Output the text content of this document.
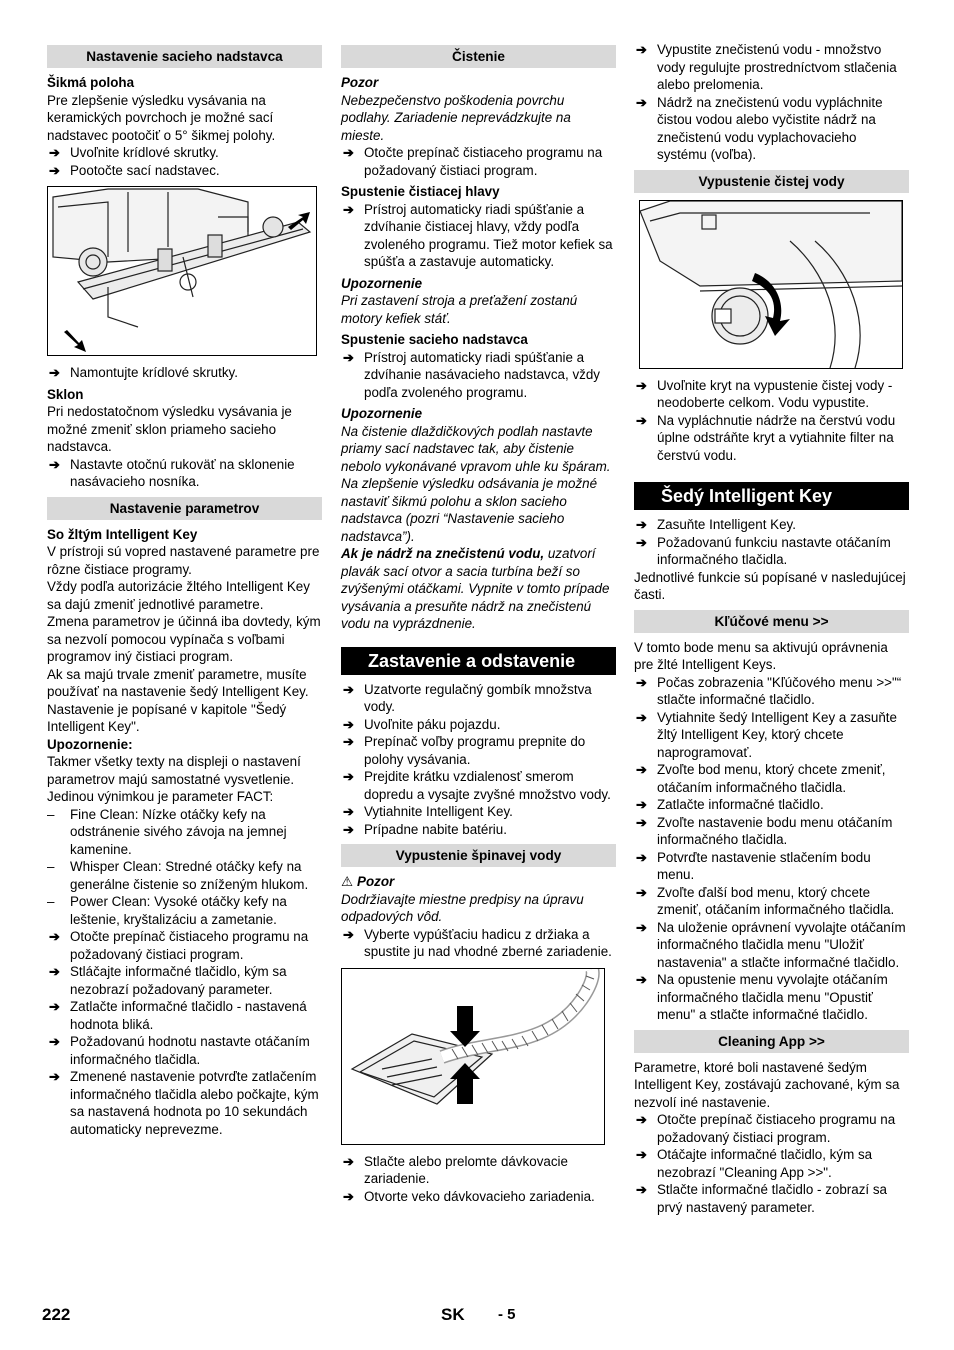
Nastavenie sacieho nadstavca
Šikmá poloha
Pre zlepšenie výsledku vysávania na keramických povrchoch je možné sací nadstavec pootočiť o 5° šikmej polohy.
➔ Uvoľnite krídlové skrutky.
➔ Pootočte sací nadstavec.
➔ Namontujte krídlové skrutky.
Sklon
Pri nedostatočnom výsledku vysávania je možné zmeniť sklon priameho sacieho nadstavca.
➔ Nastavte otočnú rukoväť na sklonenie nasávacieho nosníka.
Nastavenie parametrov
So žltým Intelligent Key
V prístroji sú vopred nastavené parametre pre rôzne čistiace programy.
Vždy podľa autorizácie žltého Intelligent Key sa dajú zmeniť jednotlivé parametre.
Zmena parametrov je účinná iba dovtedy, kým sa nezvolí pomocou vypínača s voľbami programov iný čistiaci program.
Ak sa majú trvale zmeniť parametre, musíte používať na nastavenie šedý Intelligent Key. Nastavenie je popísané v kapitole "Šedý Intelligent Key".
Upozornenie:
Takmer všetky texty na displeji o nastavení parametrov majú samostatné vysvetlenie. Jedinou výnimkou je parameter FACT:
– Fine Clean: Nízke otáčky kefy na odstránenie sivého závoja na jemnej kamenine.
– Whisper Clean: Stredné otáčky kefy na generálne čistenie so zníženým hlukom.
– Power Clean: Vysoké otáčky kefy na leštenie, kryštalizáciu a zametanie.
➔ Otočte prepínač čistiaceho programu na požadovaný čistiaci program.
➔ Stláčajte informačné tlačidlo, kým sa nezobrazí požadovaný parameter.
➔ Zatlačte informačné tlačidlo - nastavená hodnota bliká.
➔ Požadovanú hodnotu nastavte otáčaním informačného tlačidla.
➔ Zmenené nastavenie potvrďte zatlačením informačného tlačidla alebo počkajte, kým sa nastavená hodnota po 10 sekundách automaticky neprevezme.
Čistenie
Pozor
Nebezpečenstvo poškodenia povrchu podlahy. Zariadenie neprevádzkujte na mieste.
➔ Otočte prepínač čistiaceho programu na požadovaný čistiaci program.
Spustenie čistiacej hlavy
➔ Prístroj automaticky riadi spúšťanie a zdvíhanie čistiacej hlavy, vždy podľa zvoleného programu. Tiež motor kefiek sa spúšťa a zastavuje automaticky.
Upozornenie
Pri zastavení stroja a preťažení zostanú motory kefiek stáť.
Spustenie sacieho nadstavca
➔ Prístroj automaticky riadi spúšťanie a zdvíhanie nasávacieho nadstavca, vždy podľa zvoleného programu.
Upozornenie
Na čistenie dlaždičkových podlah nastavte priamy sací nadstavec tak, aby čistenie nebolo vykonávané vpravom uhle ku špáram. Na zlepšenie výsledku odsávania je možné nastaviť šikmú polohu a sklon sacieho nadstavca (pozri “Nastavenie sacieho nadstavca”).
Ak je nádrž na znečistenú vodu, uzatvorí plavák sací otvor a sacia turbína beží so zvýšenými otáčkami. Vypnite v tomto prípade vysávania a presuňte nádrž na znečistenú vodu na vyprázdnenie.
Zastavenie a odstavenie
➔ Uzatvorte regulačný gombík množstva vody.
➔ Uvoľnite páku pojazdu.
➔ Prepínač voľby programu prepnite do polohy vysávania.
➔ Prejdite krátku vzdialenosť smerom dopredu a vysajte zvyšné množstvo vody.
➔ Vytiahnite Intelligent Key.
➔ Prípadne nabite batériu.
Vypustenie špinavej vody
⚠ Pozor
Dodržiavajte miestne predpisy na úpravu odpadových vôd.
➔ Vyberte vypúšťaciu hadicu z držiaka a spustite ju nad vhodné zberné zariadenie.
➔ Stlačte alebo prelomte dávkovacie zariadenie.
➔ Otvorte veko dávkovacieho zariadenia.
➔ Vypustite znečistenú vodu - množstvo vody regulujte prostredníctvom stlačenia alebo prelomenia.
➔ Nádrž na znečistenú vodu vypláchnite čistou vodou alebo vyčistite nádrž na znečistenú vodu vyplachovacieho systému (voľba).
Vypustenie čistej vody
➔ Uvoľnite kryt na vypustenie čistej vody - neodoberte celkom. Vodu vypustite.
➔ Na vypláchnutie nádrže na čerstvú vodu úplne odstráňte kryt a vytiahnite filter na čerstvú vodu.
Šedý Intelligent Key
➔ Zasuňte Intelligent Key.
➔ Požadovanú funkciu nastavte otáčaním informačného tlačidla.
Jednotlivé funkcie sú popísané v nasledujúcej časti.
Kľúčové menu >>
V tomto bode menu sa aktivujú oprávnenia pre žlté Intelligent Keys.
➔ Počas zobrazenia "Kľúčového menu >>"“ stlačte informačné tlačidlo.
➔ Vytiahnite šedý Intelligent Key a zasuňte žltý Intelligent Key, ktorý chcete naprogramovať.
➔ Zvoľte bod menu, ktorý chcete zmeniť, otáčaním informačného tlačidla.
➔ Zatlačte informačné tlačidlo.
➔ Zvoľte nastavenie bodu menu otáčaním informačného tlačidla.
➔ Potvrďte nastavenie stlačením bodu menu.
➔ Zvoľte ďalší bod menu, ktorý chcete zmeniť, otáčaním informačného tlačidla.
➔ Na uloženie oprávnení vyvolajte otáčaním informačného tlačidla menu "Uložiť nastavenia" a stlačte informačné tlačidlo.
➔ Na opustenie menu vyvolajte otáčaním informačného tlačidla menu "Opustiť menu" a stlačte informačné tlačidlo.
Cleaning App >>
Parametre, ktoré boli nastavené šedým Intelligent Key, zostávajú zachované, kým sa nezvolí iné nastavenie.
➔ Otočte prepínač čistiaceho programu na požadovaný čistiaci program.
➔ Otáčajte informačné tlačidlo, kým sa nezobrazí "Cleaning App >>".
➔ Stlačte informačné tlačidlo - zobrazí sa prvý nastavený parameter.
222	SK - 5
